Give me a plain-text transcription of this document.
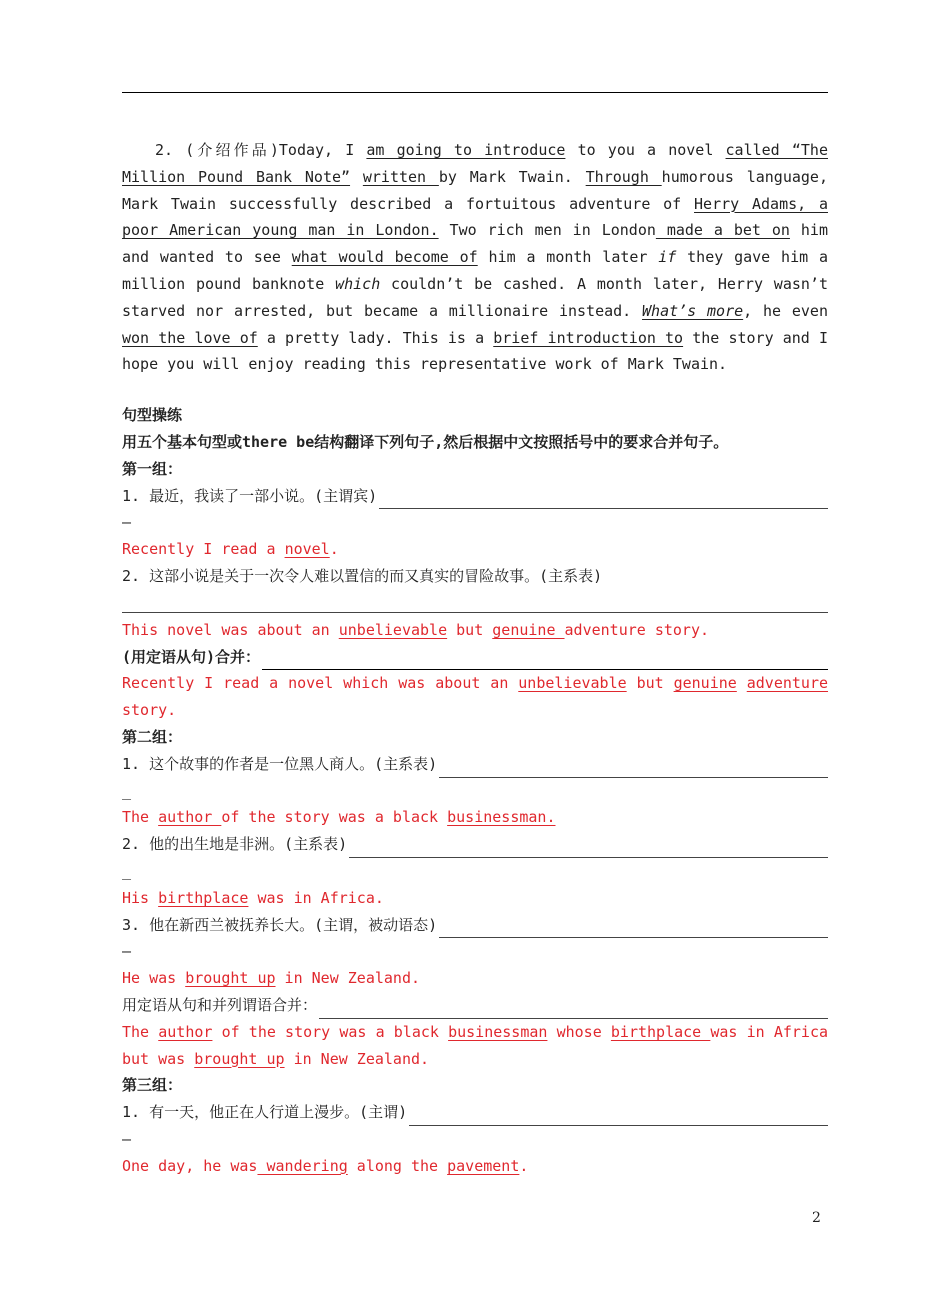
2. (介绍作品)Today, I am going to introduce to you a novel called “The Million Pound Bank Note” written by Mark Twain. Through humorous language, Mark Twain successfully described a fortuitous adventure of Herry Adams, a poor American young man in London. Two rich men in London made a bet on him and wanted to see what would become of him a month later if they gave him a million pound banknote which couldn’t be cashed. A month later, Herry wasn’t starved nor arrested, but became a millionaire instead. What’s more, he even won the love of a pretty lady. This is a brief introduction to the story and I hope you will enjoy reading this representative work of Mark Twain.

句型操练
用五个基本句型或there be结构翻译下列句子,然后根据中文按照括号中的要求合并句子。
第一组：
1. 最近，我读了一部小说。(主谓宾)
—
Recently I read a novel.
2. 这部小说是关于一次令人难以置信的而又真实的冒险故事。(主系表)
This novel was about an unbelievable but genuine adventure story.
(用定语从句)合并：

Recently I read a novel which was about an unbelievable but genuine adventure story.

第二组：
1. 这个故事的作者是一位黑人商人。(主系表)
_
The author of the story was a black businessman.
2. 他的出生地是非洲。(主系表)
_
His birthplace was in Africa.
3. 他在新西兰被抚养长大。(主谓，被动语态)
—
He was brought up in New Zealand.
用定语从句和并列谓语合并：

The author of the story was a black businessman whose birthplace was in Africa but was brought up in New Zealand.

第三组：
1. 有一天，他正在人行道上漫步。(主谓)
—
One day, he was wandering along the pavement.
2
